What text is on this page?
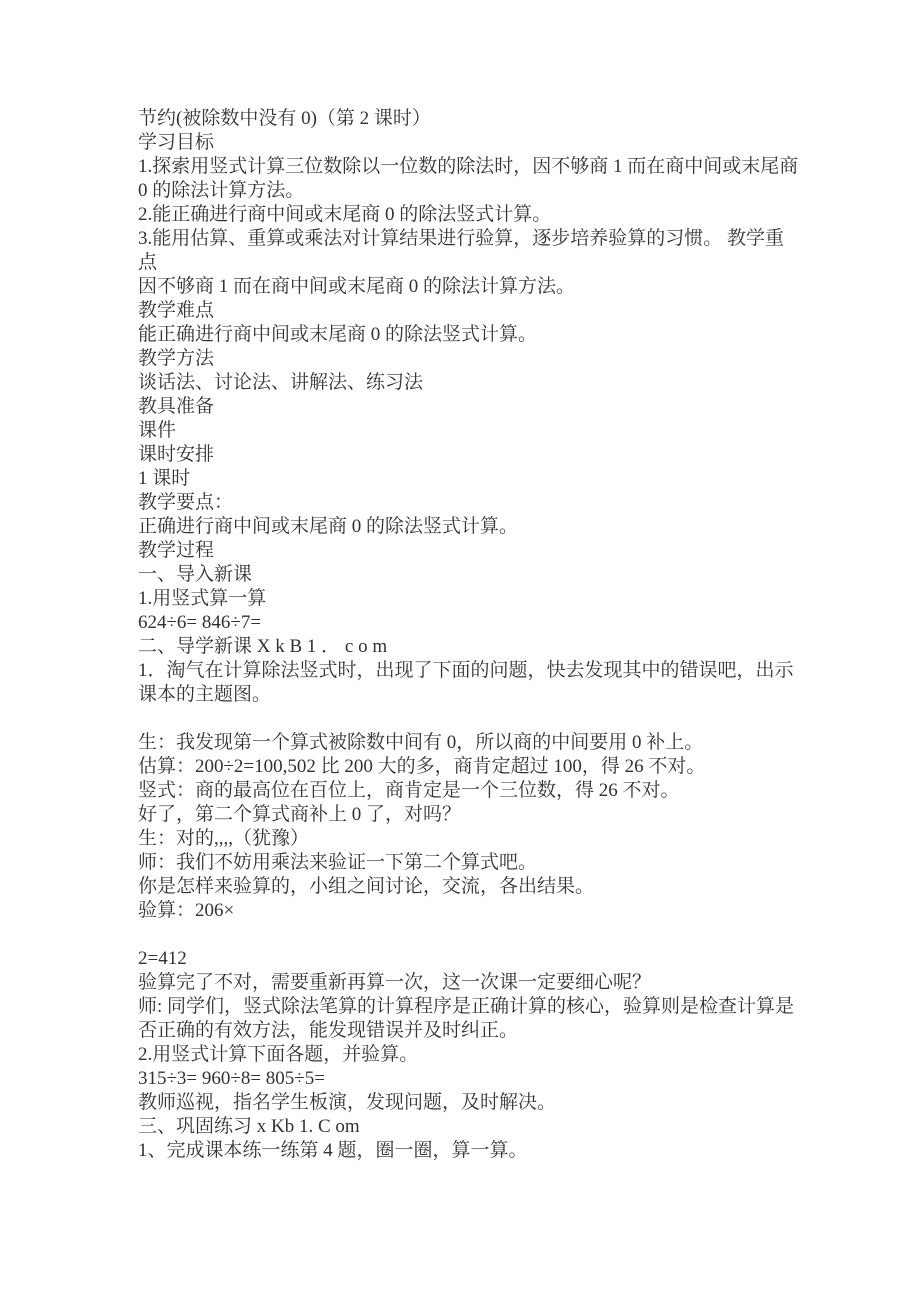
节约(被除数中没有 0)（第 2 课时）
学习目标
1.探索用竖式计算三位数除以一位数的除法时，因不够商 1 而在商中间或末尾商
0 的除法计算方法。
2.能正确进行商中间或末尾商 0 的除法竖式计算。
3.能用估算、重算或乘法对计算结果进行验算，逐步培养验算的习惯。 教学重
点
因不够商 1 而在商中间或末尾商 0 的除法计算方法。
教学难点
能正确进行商中间或末尾商 0 的除法竖式计算。
教学方法
谈话法、讨论法、讲解法、练习法
教具准备
课件
课时安排
1 课时
教学要点：
正确进行商中间或末尾商 0 的除法竖式计算。
教学过程
一、导入新课
1.用竖式算一算
624÷6= 846÷7=
二、导学新课 X k B 1 ． c o m
1．淘气在计算除法竖式时，出现了下面的问题，快去发现其中的错误吧，出示
课本的主题图。
生：我发现第一个算式被除数中间有 0，所以商的中间要用 0 补上。
估算：200÷2=100,502 比 200 大的多，商肯定超过 100，得 26 不对。
竖式：商的最高位在百位上，商肯定是一个三位数，得 26 不对。
好了，第二个算式商补上 0 了，对吗？
生：对的,,,,（犹豫）
师：我们不妨用乘法来验证一下第二个算式吧。
你是怎样来验算的，小组之间讨论，交流，各出结果。
验算：206×
2=412
验算完了不对，需要重新再算一次，这一次课一定要细心呢？
师: 同学们，竖式除法笔算的计算程序是正确计算的核心，验算则是检查计算是
否正确的有效方法，能发现错误并及时纠正。
2.用竖式计算下面各题，并验算。
315÷3= 960÷8= 805÷5=
教师巡视，指名学生板演，发现问题，及时解决。
三、巩固练习 x Kb 1. C om
1、完成课本练一练第 4 题，圈一圈，算一算。
